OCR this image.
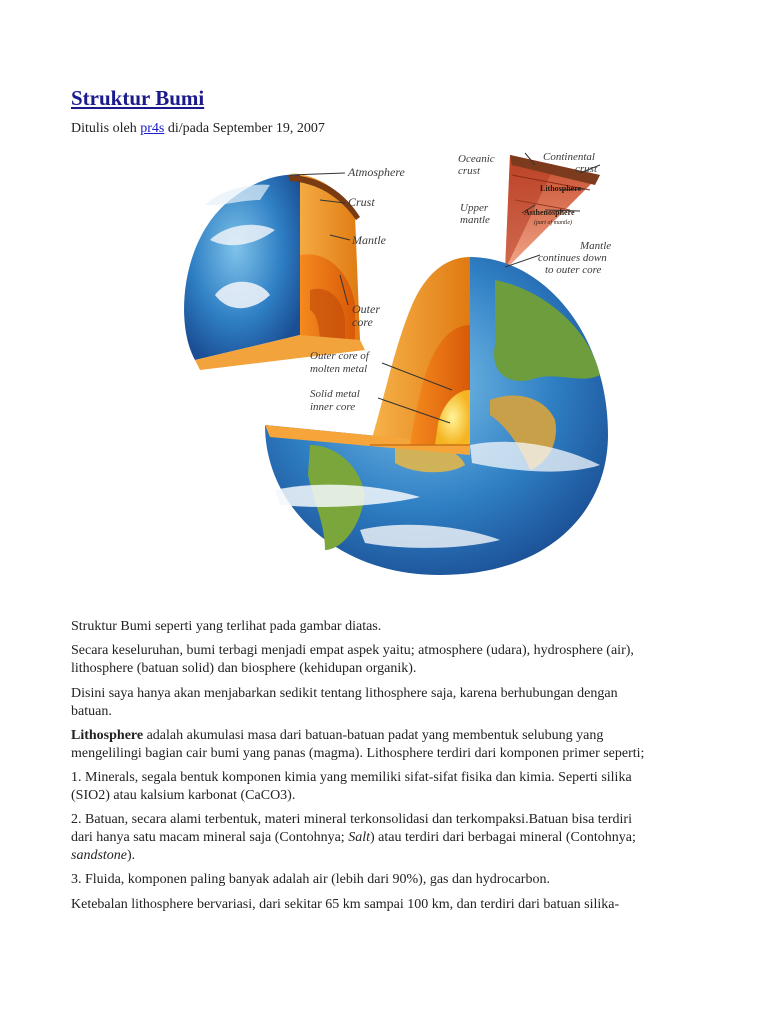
Struktur Bumi
Ditulis oleh pr4s di/pada September 19, 2007
Atmosphere
Crust
Mantle
Outer
core
Oceanic
crust
Continental
crust
Lithosphere
Upper
mantle
Asthenosphere
(part of mantle)
Mantle
continues down
to outer core
Outer core of
molten metal
Solid metal
inner core

Struktur Bumi seperti yang terlihat pada gambar diatas.

Secara keseluruhan, bumi terbagi menjadi empat aspek yaitu; atmosphere (udara), hydrosphere (air),
lithosphere (batuan solid) dan biosphere (kehidupan organik).

Disini saya hanya akan menjabarkan sedikit tentang lithosphere saja, karena berhubungan dengan
batuan.

Lithosphere adalah akumulasi masa dari batuan-batuan padat yang membentuk selubung yang
mengelilingi bagian cair bumi yang panas (magma). Lithosphere terdiri dari komponen primer seperti;

1. Minerals, segala bentuk komponen kimia yang memiliki sifat-sifat fisika dan kimia. Seperti silika
(SIO2) atau kalsium karbonat (CaCO3).

2. Batuan, secara alami terbentuk, materi mineral terkonsolidasi dan terkompaksi.Batuan bisa terdiri
dari hanya satu macam mineral saja (Contohnya; Salt) atau terdiri dari berbagai mineral (Contohnya;
sandstone).

3. Fluida, komponen paling banyak adalah air (lebih dari 90%), gas dan hydrocarbon.

Ketebalan lithosphere bervariasi, dari sekitar 65 km sampai 100 km, dan terdiri dari batuan silika-
